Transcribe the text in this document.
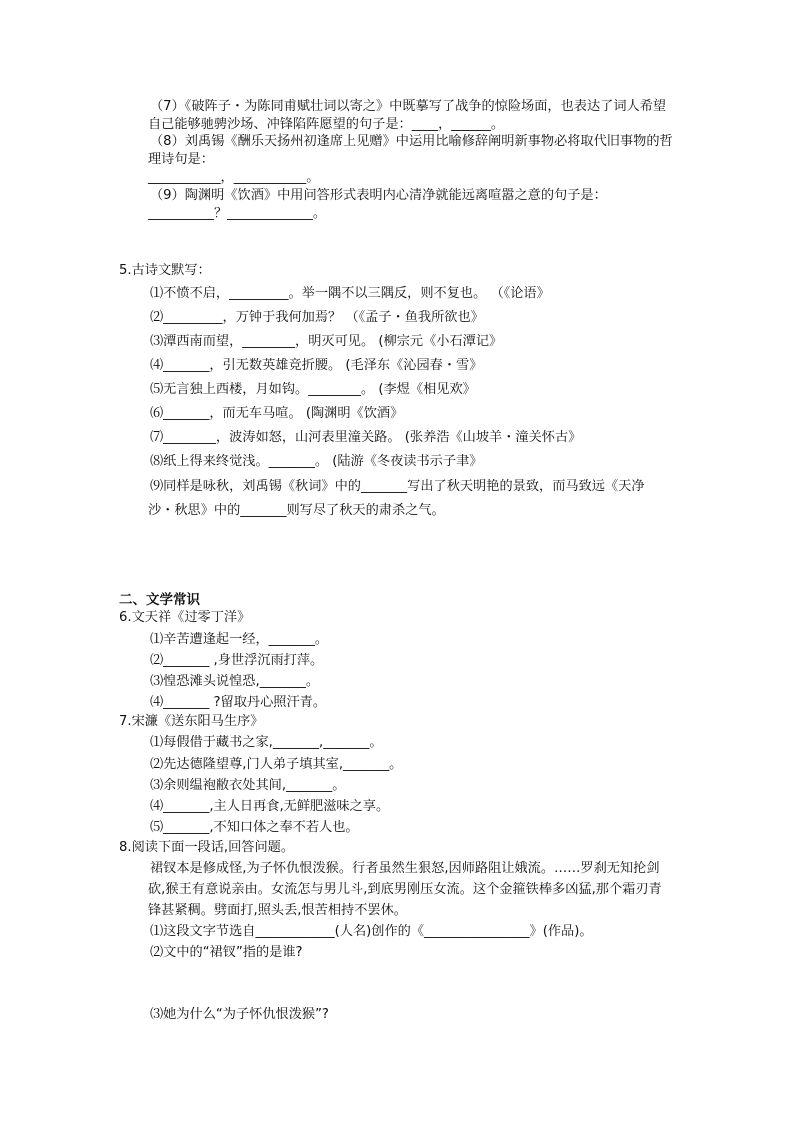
（7）《破阵子・为陈同甫赋壮词以寄之》中既摹写了战争的惊险场面，也表达了词人希望
自己能够驰骋沙场、冲锋陷阵愿望的句子是：____，______。
（8）刘禹锡《酬乐天扬州初逢席上见赠》中运用比喻修辞阐明新事物必将取代旧事物的哲
理诗句是：
___________，___________。
（9）陶渊明《饮酒》中用问答形式表明内心清净就能远离喧嚣之意的句子是：
__________？_____________。
5.古诗文默写：
⑴不愤不启，_________。举一隅不以三隅反，则不复也。 （《论语》
⑵_________，万钟于我何加焉？ （《孟子・鱼我所欲也》
⑶潭西南而望，________，明灭可见。 (柳宗元《小石潭记》
⑷_______，引无数英雄竞折腰。 (毛泽东《沁园春・雪》
⑸无言独上西楼，月如钩。________。 (李煜《相见欢》
⑹_______，而无车马喧。 (陶渊明《饮酒》
⑺________，波涛如怒，山河表里潼关路。 (张养浩《山坡羊・潼关怀古》
⑻纸上得来终觉浅。_______。 (陆游《冬夜读书示子聿》
⑼同样是咏秋，刘禹锡《秋词》中的_______写出了秋天明艳的景致，而马致远《天净
沙・秋思》中的_______则写尽了秋天的肃杀之气。
二、文学常识
6.文天祥《过零丁洋》
⑴辛苦遭逢起一经，_______。
⑵_______ ,身世浮沉雨打萍。
⑶惶恐滩头说惶恐,_______。
⑷_______ ?留取丹心照汗青。
7.宋濂《送东阳马生序》
⑴每假借于藏书之家,_______,_______。
⑵先达德隆望尊,门人弟子填其室,_______。
⑶余则缊袍敝衣处其间,_______。
⑷_______,主人日再食,无鲜肥滋味之享。
⑸_______,不知口体之奉不若人也。
8.阅读下面一段话,回答问题。
裙钗本是修成怪,为子怀仇恨泼猴。行者虽然生狠怒,因师路阻让娥流。……罗刹无知抡剑
砍,猴王有意说亲由。女流怎与男儿斗,到底男刚压女流。这个金箍铁棒多凶猛,那个霜刃青
锋甚紧稠。劈面打,照头丢,恨苦相持不罢休。
⑴这段文字节选自____________(人名)创作的《________________》(作品)。
⑵文中的“裙钗”指的是谁?
⑶她为什么“为子怀仇恨泼猴”?
